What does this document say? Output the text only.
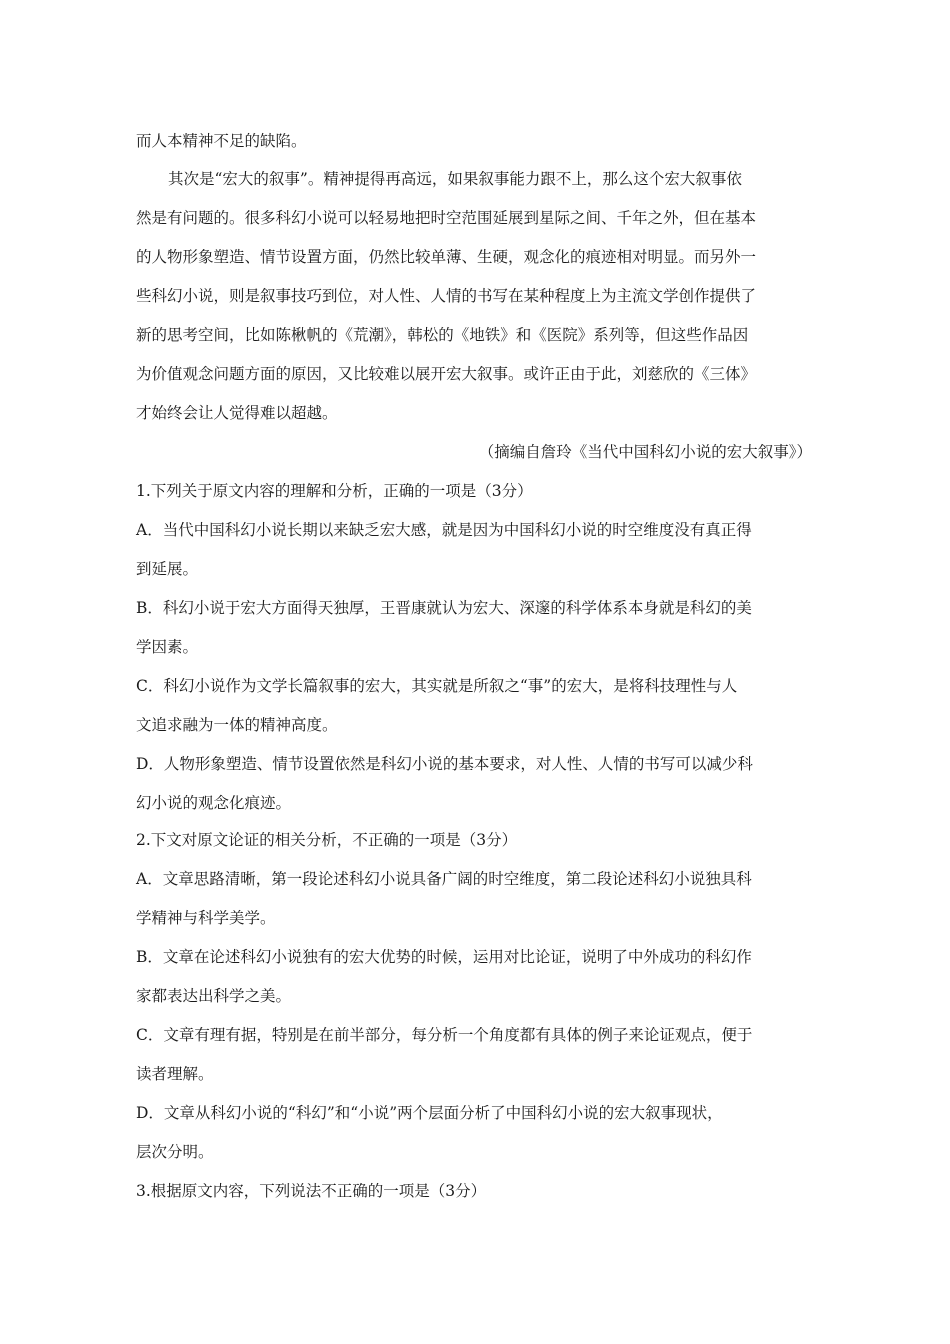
而人本精神不足的缺陷。
其次是“宏大的叙事”。精神提得再高远，如果叙事能力跟不上，那么这个宏大叙事依
然是有问题的。很多科幻小说可以轻易地把时空范围延展到星际之间、千年之外，但在基本
的人物形象塑造、情节设置方面，仍然比较单薄、生硬，观念化的痕迹相对明显。而另外一
些科幻小说，则是叙事技巧到位，对人性、人情的书写在某种程度上为主流文学创作提供了
新的思考空间，比如陈楸帆的《荒潮》，韩松的《地铁》和《医院》系列等，但这些作品因
为价值观念问题方面的原因，又比较难以展开宏大叙事。或许正由于此，刘慈欣的《三体》
才始终会让人觉得难以超越。
（摘编自詹玲《当代中国科幻小说的宏大叙事》）
1.下列关于原文内容的理解和分析，正确的一项是（3分）
A．当代中国科幻小说长期以来缺乏宏大感，就是因为中国科幻小说的时空维度没有真正得
到延展。
B．科幻小说于宏大方面得天独厚，王晋康就认为宏大、深邃的科学体系本身就是科幻的美
学因素。
C．科幻小说作为文学长篇叙事的宏大，其实就是所叙之“事”的宏大，是将科技理性与人
文追求融为一体的精神高度。
D．人物形象塑造、情节设置依然是科幻小说的基本要求，对人性、人情的书写可以减少科
幻小说的观念化痕迹。
2.下文对原文论证的相关分析，不正确的一项是（3分）
A．文章思路清晰，第一段论述科幻小说具备广阔的时空维度，第二段论述科幻小说独具科
学精神与科学美学。
B．文章在论述科幻小说独有的宏大优势的时候，运用对比论证，说明了中外成功的科幻作
家都表达出科学之美。
C．文章有理有据，特别是在前半部分，每分析一个角度都有具体的例子来论证观点，便于
读者理解。
D．文章从科幻小说的“科幻”和“小说”两个层面分析了中国科幻小说的宏大叙事现状，
层次分明。
3.根据原文内容，下列说法不正确的一项是（3分）
